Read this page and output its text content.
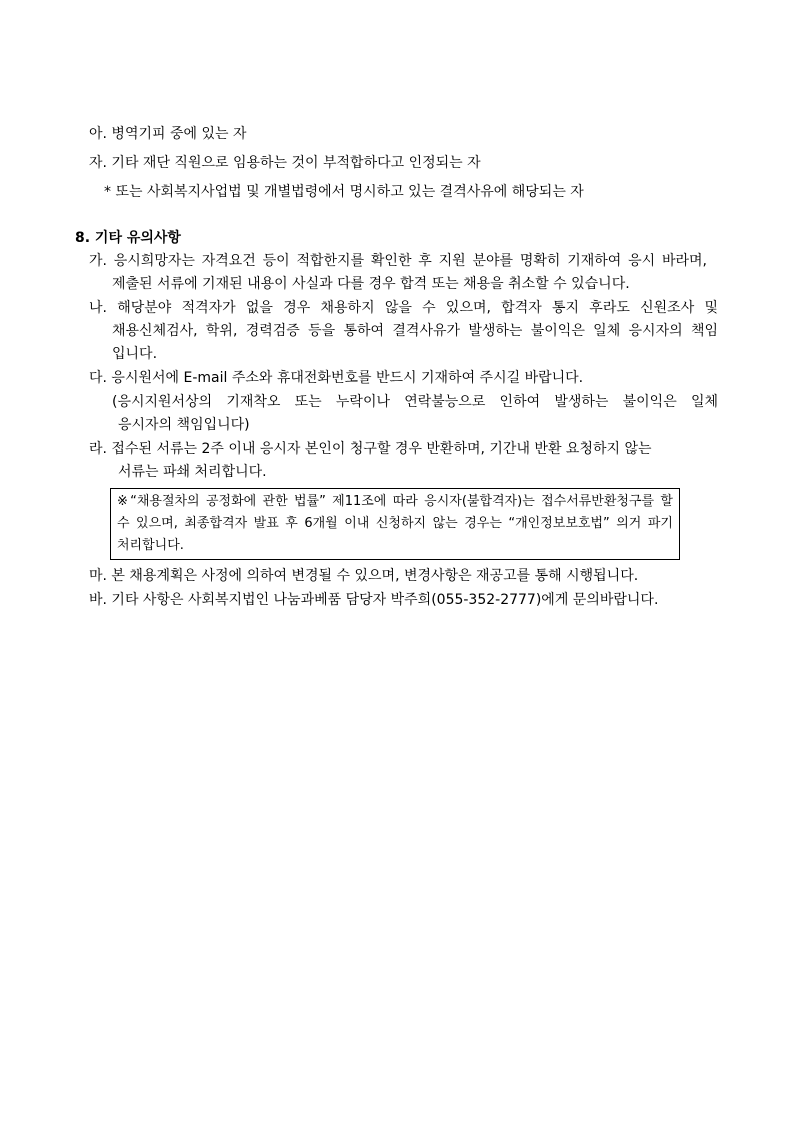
아. 병역기피 중에 있는 자
자. 기타 재단 직원으로 임용하는 것이 부적합하다고 인정되는 자
* 또는 사회복지사업법 및 개별법령에서 명시하고 있는 결격사유에 해당되는 자
8. 기타 유의사항
가. 응시희망자는 자격요건 등이 적합한지를 확인한 후 지원 분야를 명확히 기재하여 응시 바라며,
제출된 서류에 기재된 내용이 사실과 다를 경우 합격 또는 채용을 취소할 수 있습니다.
나. 해당분야 적격자가 없을 경우 채용하지 않을 수 있으며, 합격자 통지 후라도 신원조사 및
채용신체검사, 학위, 경력검증 등을 통하여 결격사유가 발생하는 불이익은 일체 응시자의 책임
입니다.
다. 응시원서에 E-mail 주소와 휴대전화번호를 반드시 기재하여 주시길 바랍니다.
(응시지원서상의 기재착오 또는 누락이나 연락불능으로 인하여 발생하는 불이익은 일체
응시자의 책임입니다)
라. 접수된 서류는 2주 이내 응시자 본인이 청구할 경우 반환하며, 기간내 반환 요청하지 않는
서류는 파쇄 처리합니다.
※“채용절차의 공정화에 관한 법률” 제11조에 따라 응시자(불합격자)는 접수서류반환청구를 할
수 있으며, 최종합격자 발표 후 6개월 이내 신청하지 않는 경우는 “개인정보보호법” 의거 파기
처리합니다.
마. 본 채용계획은 사정에 의하여 변경될 수 있으며, 변경사항은 재공고를 통해 시행됩니다.
바. 기타 사항은 사회복지법인 나눔과베품 담당자 박주희(055-352-2777)에게 문의바랍니다.
